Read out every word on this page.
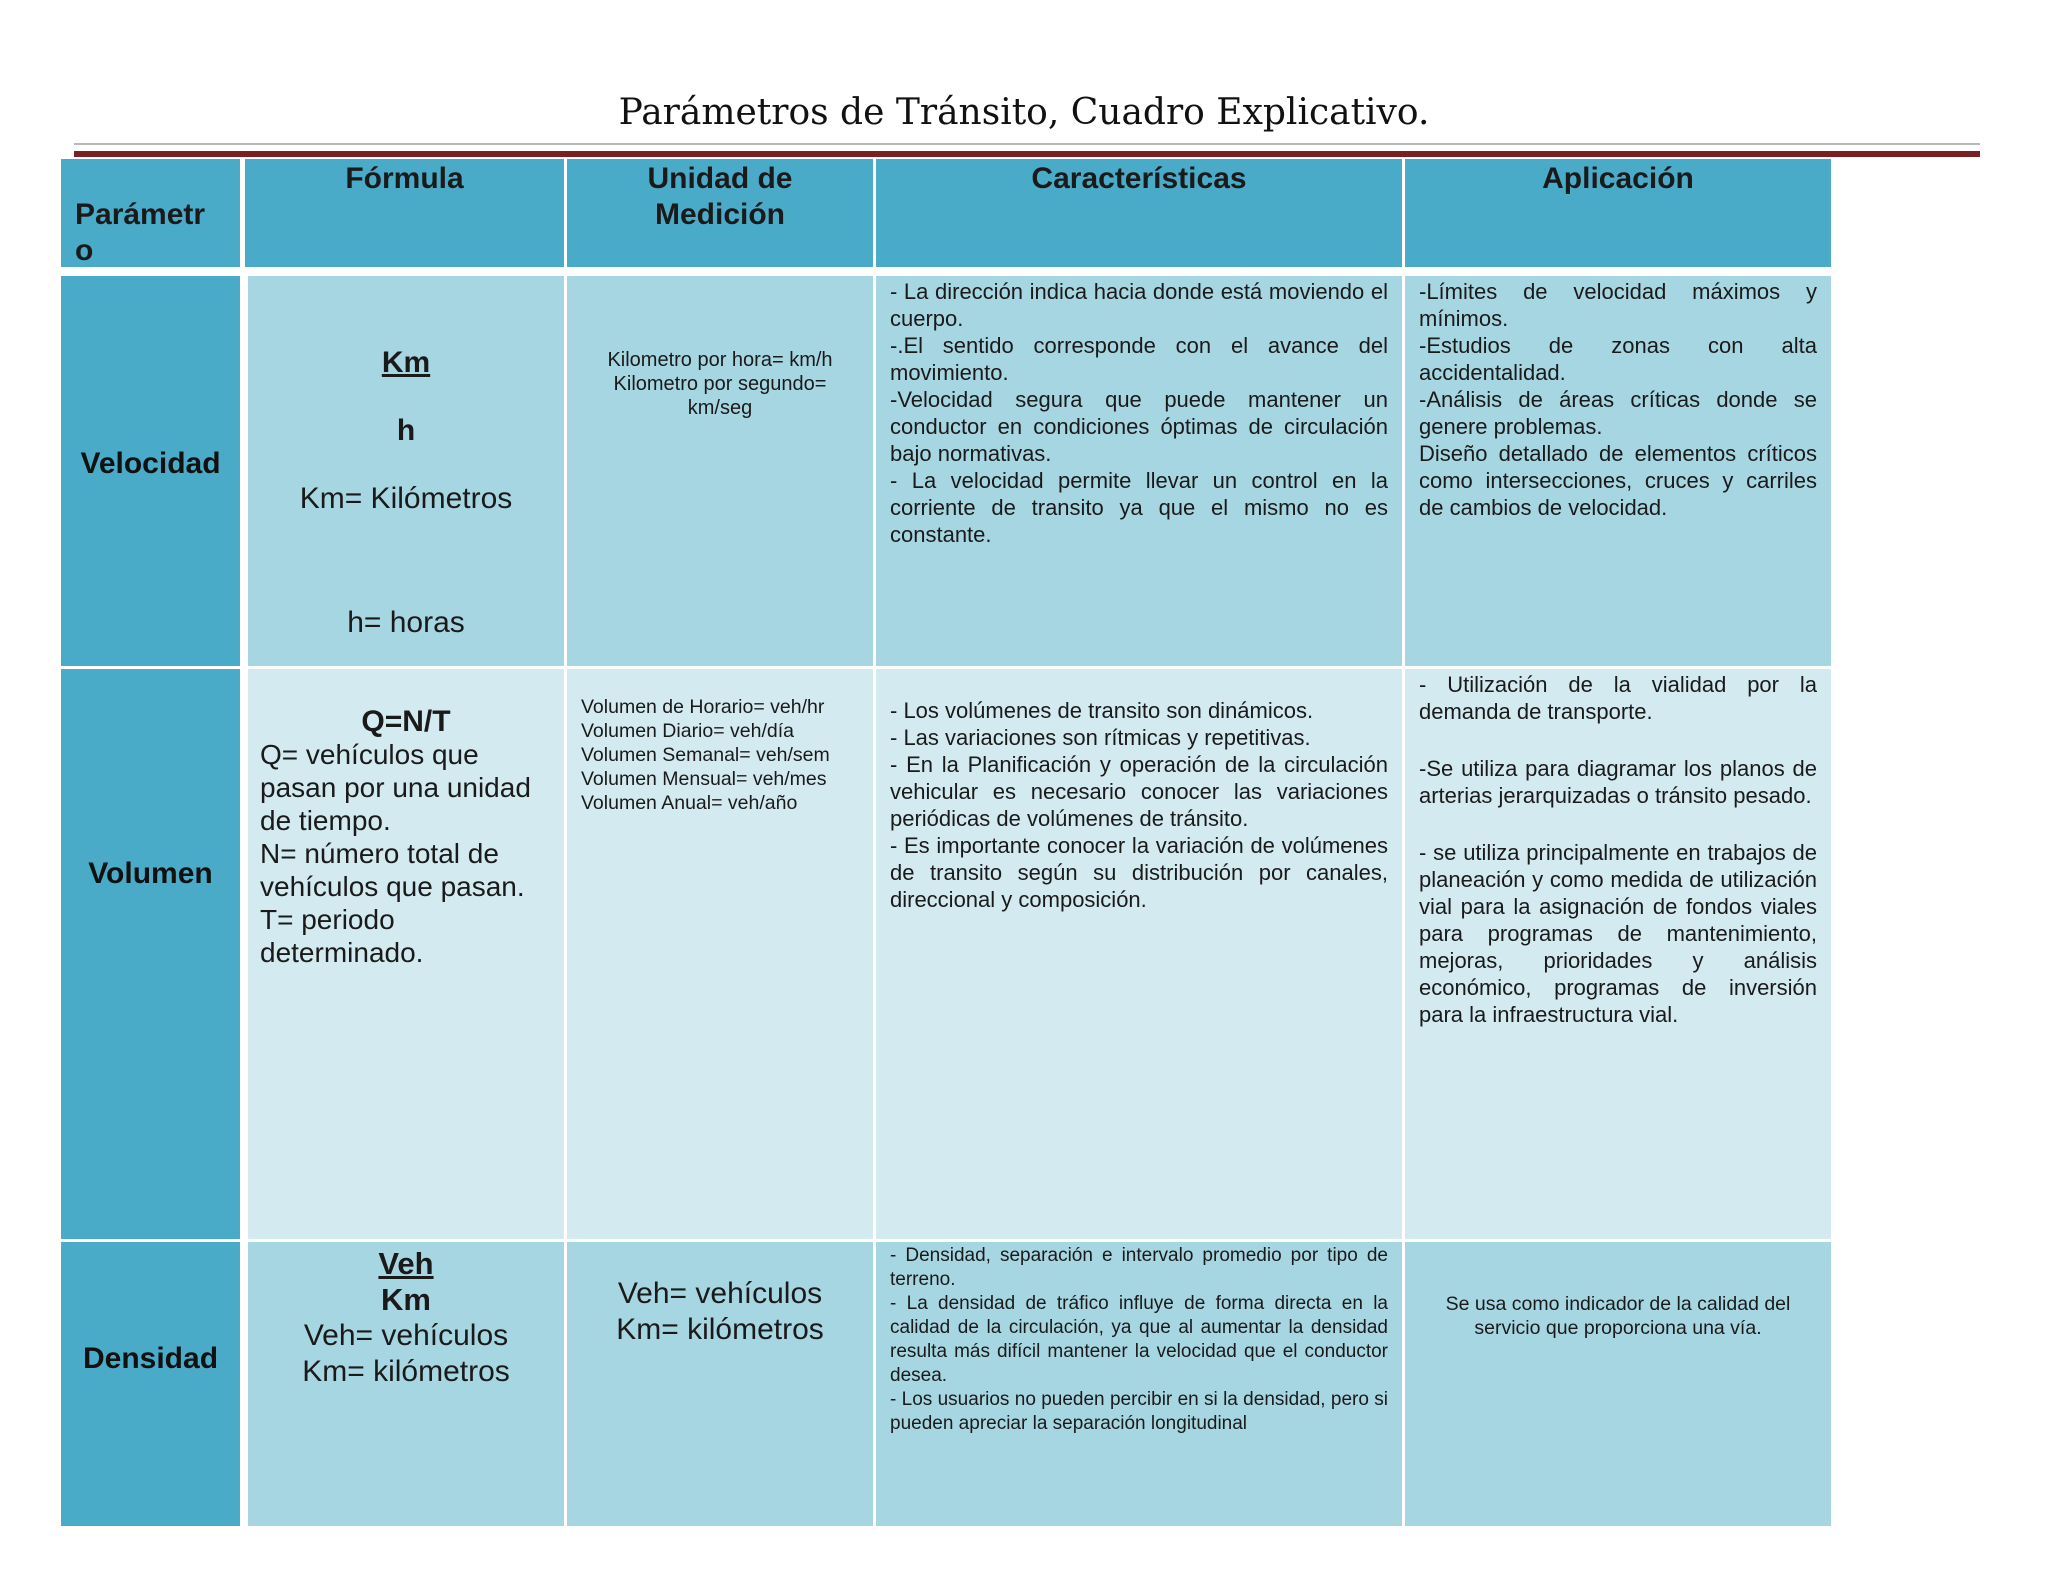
Parámetros de Tránsito, Cuadro Explicativo.
Parámetro
Fórmula	Unidad de
Medición
Características	Aplicación
Velocidad
Km
h
Km= Kilómetros
h= horas
Kilometro por hora= km/h
Kilometro por segundo=
km/seg

- La dirección indica hacia donde está moviendo el cuerpo.

-.El sentido corresponde con el avance del movimiento.

-Velocidad segura que puede mantener un conductor en condiciones óptimas de circulación bajo normativas.

- La velocidad permite llevar un control en la corriente de transito ya que el mismo no es constante.

-Límites de velocidad máximos y mínimos.

-Estudios de zonas con alta accidentalidad.

-Análisis de áreas críticas donde se genere problemas.

Diseño detallado de elementos críticos como intersecciones, cruces y carriles de cambios de velocidad.

Volumen
Q=N/T
Q= vehículos que pasan por una unidad de tiempo.
N= número total de vehículos que pasan.
T= periodo determinado.
Volumen de Horario= veh/hr
Volumen Diario= veh/día
Volumen Semanal= veh/sem
Volumen Mensual= veh/mes
Volumen Anual= veh/año

- Los volúmenes de transito son dinámicos.

- Las variaciones son rítmicas y repetitivas.

- En la Planificación y operación de la circulación vehicular es necesario conocer las variaciones periódicas de volúmenes de tránsito.

- Es importante conocer la variación de volúmenes de transito según su distribución por canales, direccional y composición.

- Utilización de la vialidad por la demanda de transporte.

-Se utiliza para diagramar los planos de arterias jerarquizadas o tránsito pesado.

- se utiliza principalmente en trabajos de planeación y como medida de utilización vial para la asignación de fondos viales para programas de mantenimiento, mejoras, prioridades y análisis económico, programas de inversión para la infraestructura vial.

Densidad
Veh
Km
Veh= vehículos
Km= kilómetros
Veh= vehículos
Km= kilómetros

- Densidad, separación e intervalo promedio por tipo de terreno.

- La densidad de tráfico influye de forma directa en la calidad de la circulación, ya que al aumentar la densidad resulta más difícil mantener la velocidad que el conductor desea.

- Los usuarios no pueden percibir en si la densidad, pero si pueden apreciar la separación longitudinal

Se usa como indicador de la calidad del servicio que proporciona una vía.
